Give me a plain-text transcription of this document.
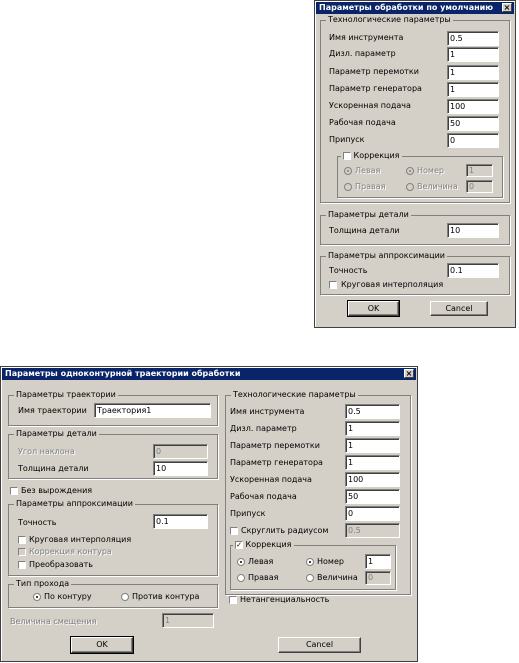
Параметры обработки по умолчанию	×
Технологические параметры
Имя инструмента	0.5
Дизл. параметр	1
Параметр перемотки	1
Параметр генератора	1
Ускоренная подача	100
Рабочая подача	50
Припуск	0
Коррекция
Левая	Номер	1
Правая	Величина	0
Параметры детали
Толщина детали	10
Параметры аппроксимации
Точность	0.1
Круговая интерполяция
OK	Cancel
Параметры одноконтурной траектории обработки	×
Параметры траектории
Имя траектории	Траектория1
Параметры детали
Угол наклона	0
Толщина детали	10
Без вырождения
Параметры аппроксимации
Точность	0.1
Круговая интерполяция
Коррекция контура
Преобразовать
Тип прохода
По контуру	Против контура
Величина смещения	1
Технологические параметры
Имя инструмента	0.5
Дизл. параметр	1
Параметр перемотки	1
Параметр генератора	1
Ускоренная подача	100
Рабочая подача	50
Припуск	0
Скруглить радиусом	0.5
✓ Коррекция
Левая	Номер	1
Правая	Величина	0
Нетангенциальность
OK	Cancel
